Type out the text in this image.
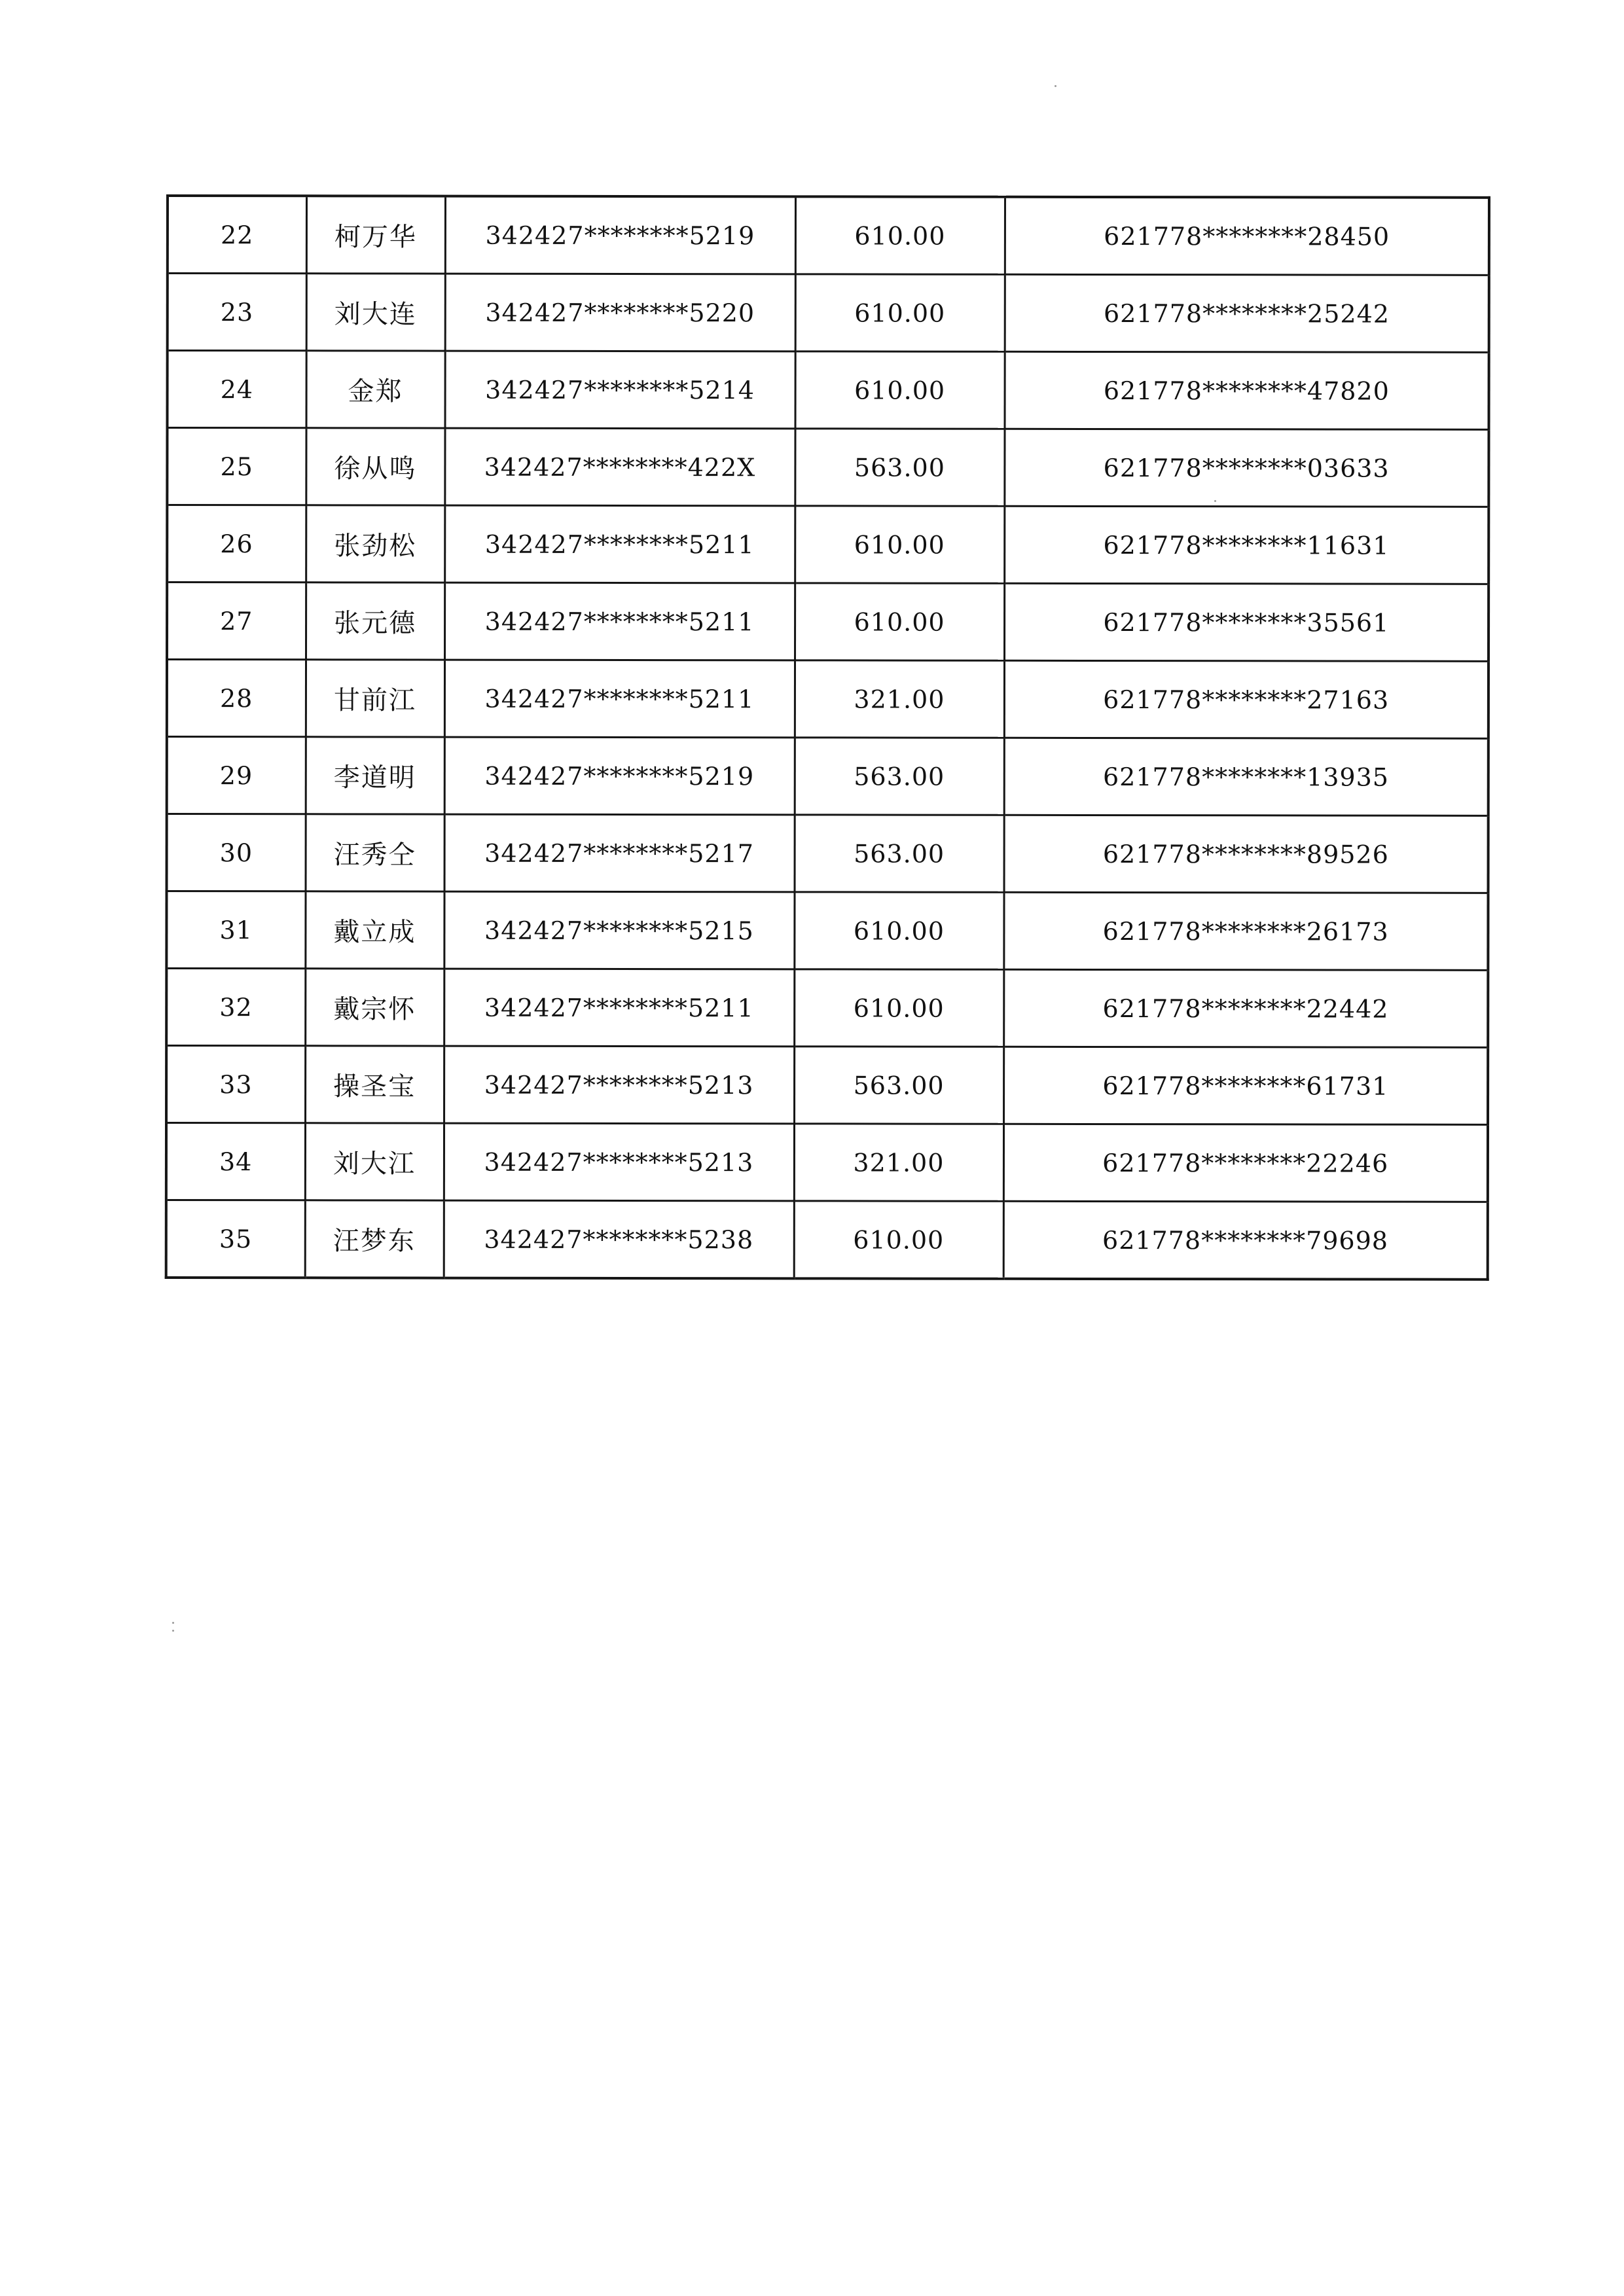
22	柯万华	342427********5219	610.00	621778********28450
23	刘大连	342427********5220	610.00	621778********25242
24	金郑	342427********5214	610.00	621778********47820
25	徐从鸣	342427********422X	563.00	621778********03633
26	张劲松	342427********5211	610.00	621778********11631
27	张元德	342427********5211	610.00	621778********35561
28	甘前江	342427********5211	321.00	621778********27163
29	李道明	342427********5219	563.00	621778********13935
30	汪秀仝	342427********5217	563.00	621778********89526
31	戴立成	342427********5215	610.00	621778********26173
32	戴宗怀	342427********5211	610.00	621778********22442
33	操圣宝	342427********5213	563.00	621778********61731
34	刘大江	342427********5213	321.00	621778********22246
35	汪梦东	342427********5238	610.00	621778********79698
